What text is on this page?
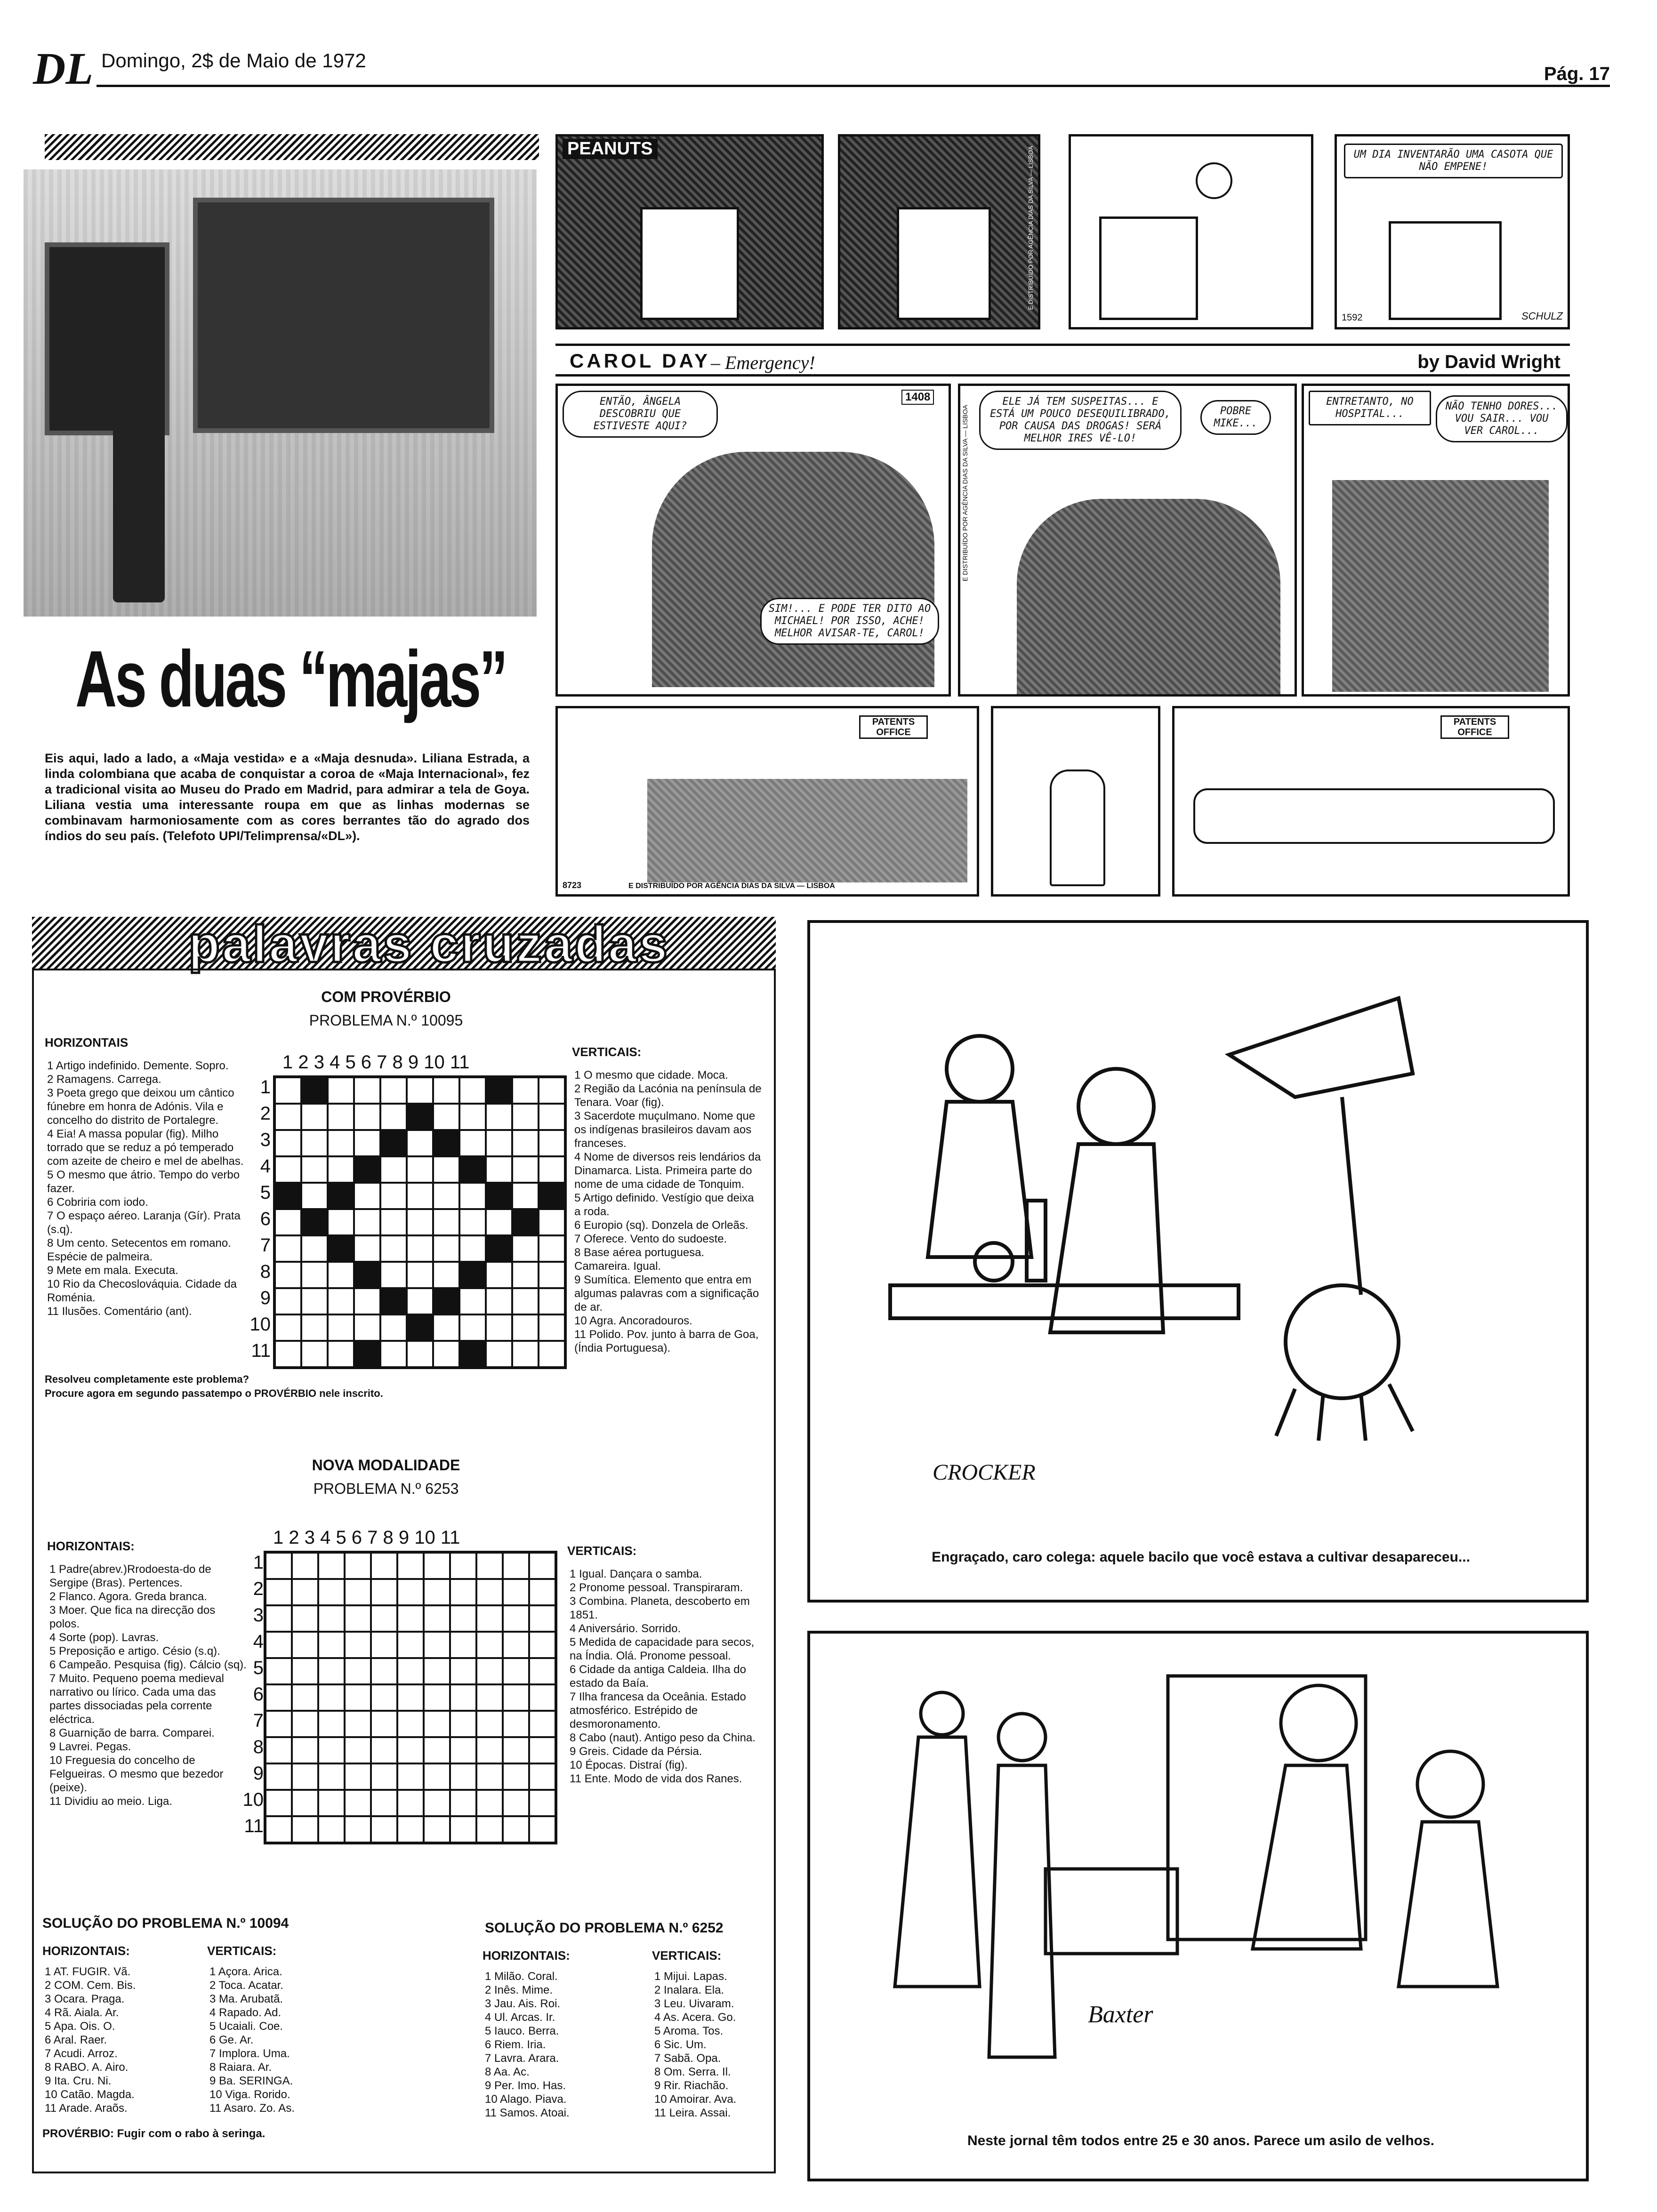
DL Domingo, 2$ de Maio de 1972
Pág. 17
As duas “majas”
Eis aqui, lado a lado, a «Maja vestida» e a «Maja desnuda». Liliana Estrada, a linda colombiana que acaba de conquistar a coroa de «Maja Internacional», fez a tradicional visita ao Museu do Prado em Madrid, para admirar a tela de Goya. Liliana vestia uma interessante roupa em que as linhas modernas se combinavam harmoniosamente com as cores berrantes tão do agrado dos índios do seu país. (Telefoto UPI/Telimprensa/«DL»).
PEANUTS	E DISTRIBUÍDO POR AGÊNCIA DIAS DA SILVA — LISBOA	UM DIA INVENTARÃO UMA CASOTA QUE NÃO EMPENE!
1592	SCHULZ
CAROL DAY – Emergency!	by David Wright
ENTÃO, ÂNGELA DESCOBRIU QUE ESTIVESTE AQUI?
1408
SIM!... E PODE TER DITO AO MICHAEL! POR ISSO, ACHE! MELHOR AVISAR-TE, CAROL!
E DISTRIBUÍDO POR AGÊNCIA DIAS DA SILVA — LISBOA
ELE JÁ TEM SUSPEITAS... E ESTÁ UM POUCO DESEQUILIBRADO, POR CAUSA DAS DROGAS! SERÁ MELHOR IRES VÊ-LO!
POBRE MIKE...
ENTRETANTO, NO HOSPITAL...
NÃO TENHO DORES... VOU SAIR... VOU VER CAROL...
PATENTS OFFICE
8723	E DISTRIBUÍDO POR AGÊNCIA DIAS DA SILVA — LISBOA
PATENTS OFFICE
palavras cruzadas
COM PROVÉRBIO
PROBLEMA N.º 10095
HORIZONTAIS
1 Artigo indefinido. Demente. Sopro.
2 Ramagens. Carrega.
3 Poeta grego que deixou um cântico fúnebre em honra de Adónis. Vila e concelho do distrito de Portalegre.
4 Eia! A massa popular (fig). Milho torrado que se reduz a pó temperado com azeite de cheiro e mel de abelhas.
5 O mesmo que átrio. Tempo do verbo fazer.
6 Cobriria com iodo.
7 O espaço aéreo. Laranja (Gír). Prata (s.q).
8 Um cento. Setecentos em romano. Espécie de palmeira.
9 Mete em mala. Executa.
10 Rio da Checoslováquia. Cidade da Roménia.
11 Ilusões. Comentário (ant).
1 2 3 4 5 6 7 8 9 10 11
1
2
3
4
5
6
7
8
9
10
11
VERTICAIS:
1 O mesmo que cidade. Moca.
2 Região da Lacónia na península de Tenara. Voar (fig).
3 Sacerdote muçulmano. Nome que os indígenas brasileiros davam aos franceses.
4 Nome de diversos reis lendários da Dinamarca. Lista. Primeira parte do nome de uma cidade de Tonquim.
5 Artigo definido. Vestígio que deixa a roda.
6 Europio (sq). Donzela de Orleãs.
7 Oferece. Vento do sudoeste.
8 Base aérea portuguesa. Camareira. Igual.
9 Sumítica. Elemento que entra em algumas palavras com a significação de ar.
10 Agra. Ancoradouros.
11 Polido. Pov. junto à barra de Goa, (Índia Portuguesa).
Resolveu completamente este problema?
Procure agora em segundo passatempo o PROVÉRBIO nele inscrito.
NOVA MODALIDADE
PROBLEMA N.º 6253
HORIZONTAIS:
1 Padre(abrev.)Rrodoesta-do de Sergipe (Bras). Pertences.
2 Flanco. Agora. Greda branca.
3 Moer. Que fica na direcção dos polos.
4 Sorte (pop). Lavras.
5 Preposição e artigo. Césio (s.q).
6 Campeão. Pesquisa (fig). Cálcio (sq).
7 Muito. Pequeno poema medieval narrativo ou lírico. Cada uma das partes dissociadas pela corrente eléctrica.
8 Guarnição de barra. Comparei.
9 Lavrei. Pegas.
10 Freguesia do concelho de Felgueiras. O mesmo que bezedor (peixe).
11 Dividiu ao meio. Liga.
1 2 3 4 5 6 7 8 9 10 11
1
2
3
4
5
6
7
8
9
10
11
VERTICAIS:
1 Igual. Dançara o samba.
2 Pronome pessoal. Transpiraram.
3 Combina. Planeta, descoberto em 1851.
4 Aniversário. Sorrido.
5 Medida de capacidade para secos, na Índia. Olá. Pronome pessoal.
6 Cidade da antiga Caldeia. Ilha do estado da Baía.
7 Ilha francesa da Oceânia. Estado atmosférico. Estrépido de desmoronamento.
8 Cabo (naut). Antigo peso da China.
9 Greis. Cidade da Pérsia.
10 Épocas. Distraí (fig).
11 Ente. Modo de vida dos Ranes.
SOLUÇÃO DO PROBLEMA N.º 10094
HORIZONTAIS:	VERTICAIS:
1 AT. FUGIR. Vã.
2 COM. Cem. Bis.
3 Ocara. Praga.
4 Rã. Aiala. Ar.
5 Apa. Ois. O.
6 Aral. Raer.
7 Acudi. Arroz.
8 RABO. A. Airo.
9 Ita. Cru. Ni.
10 Catão. Magda.
11 Arade. Araõs.
1 Açora. Arica.
2 Toca. Acatar.
3 Ma. Arubatã.
4 Rapado. Ad.
5 Ucaiali. Coe.
6 Ge. Ar.
7 Implora. Uma.
8 Raiara. Ar.
9 Ba. SERINGA.
10 Viga. Rorido.
11 Asaro. Zo. As.
PROVÉRBIO: Fugir com o rabo à seringa.
SOLUÇÃO DO PROBLEMA N.º 6252
HORIZONTAIS:	VERTICAIS:
1 Milão. Coral.
2 Inês. Mime.
3 Jau. Ais. Roi.
4 Ul. Arcas. Ir.
5 Iauco. Berra.
6 Riem. Iria.
7 Lavra. Arara.
8 Aa. Ac.
9 Per. Imo. Has.
10 Alago. Piava.
11 Samos. Atoai.
1 Mijui. Lapas.
2 Inalara. Ela.
3 Leu. Uivaram.
4 As. Acera. Go.
5 Aroma. Tos.
6 Sic. Um.
7 Sabã. Opa.
8 Om. Serra. Il.
9 Rir. Riachão.
10 Amoirar. Ava.
11 Leira. Assai.
CROCKER
Engraçado, caro colega: aquele bacilo que você estava a cultivar desapareceu...
Baxter
Neste jornal têm todos entre 25 e 30 anos. Parece um asilo de velhos.
